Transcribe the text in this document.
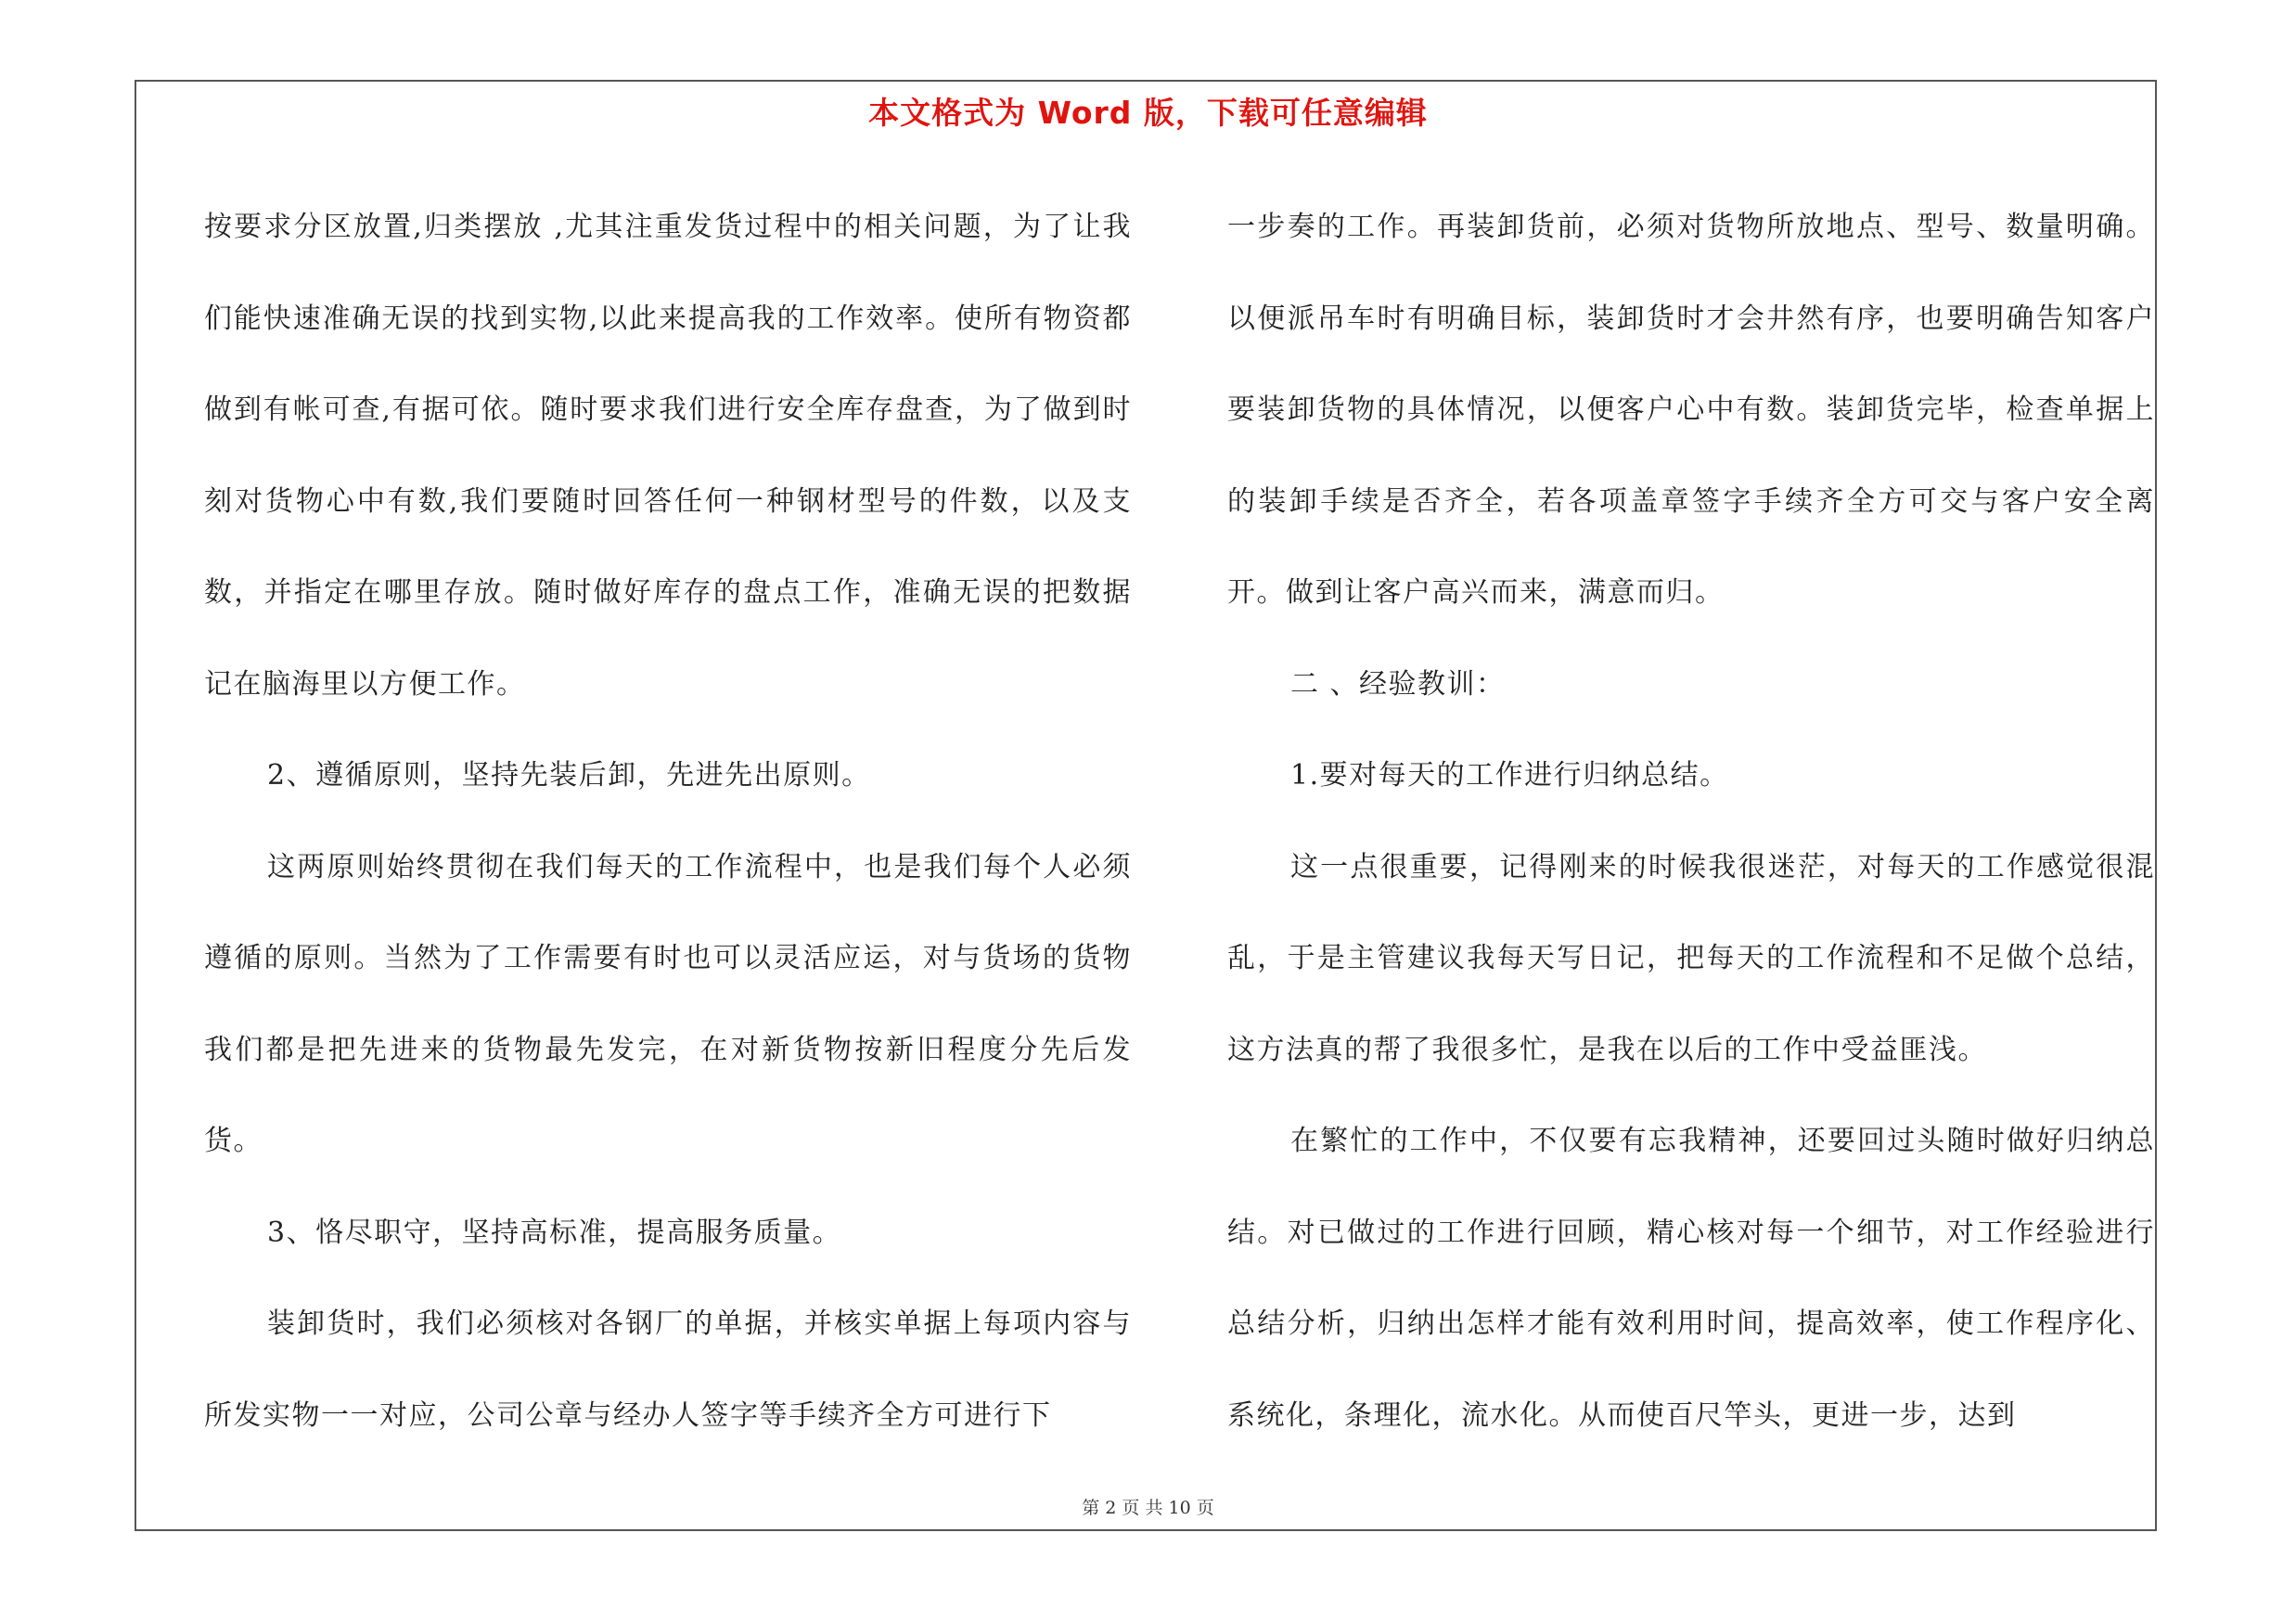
本文格式为 Word 版，下载可任意编辑

按要求分区放置,归类摆放 ,尤其注重发货过程中的相关问题，为了让我们能快速准确无误的找到实物,以此来提高我的工作效率。使所有物资都做到有帐可查,有据可依。随时要求我们进行安全库存盘查，为了做到时刻对货物心中有数,我们要随时回答任何一种钢材型号的件数，以及支数，并指定在哪里存放。随时做好库存的盘点工作，准确无误的把数据记在脑海里以方便工作。

2、遵循原则，坚持先装后卸，先进先出原则。

这两原则始终贯彻在我们每天的工作流程中，也是我们每个人必须遵循的原则。当然为了工作需要有时也可以灵活应运，对与货场的货物我们都是把先进来的货物最先发完，在对新货物按新旧程度分先后发货。

3、恪尽职守，坚持高标准，提高服务质量。

装卸货时，我们必须核对各钢厂的单据，并核实单据上每项内容与所发实物一一对应，公司公章与经办人签字等手续齐全方可进行下

一步奏的工作。再装卸货前，必须对货物所放地点、型号、数量明确。以便派吊车时有明确目标，装卸货时才会井然有序，也要明确告知客户要装卸货物的具体情况，以便客户心中有数。装卸货完毕，检查单据上的装卸手续是否齐全，若各项盖章签字手续齐全方可交与客户安全离开。做到让客户高兴而来，满意而归。

二 、经验教训：

1.要对每天的工作进行归纳总结。

这一点很重要，记得刚来的时候我很迷茫，对每天的工作感觉很混乱，于是主管建议我每天写日记，把每天的工作流程和不足做个总结，这方法真的帮了我很多忙，是我在以后的工作中受益匪浅。

在繁忙的工作中，不仅要有忘我精神，还要回过头随时做好归纳总结。对已做过的工作进行回顾，精心核对每一个细节，对工作经验进行总结分析，归纳出怎样才能有效利用时间，提高效率，使工作程序化、系统化，条理化，流水化。从而使百尺竿头，更进一步，达到

第 2 页 共 10 页
